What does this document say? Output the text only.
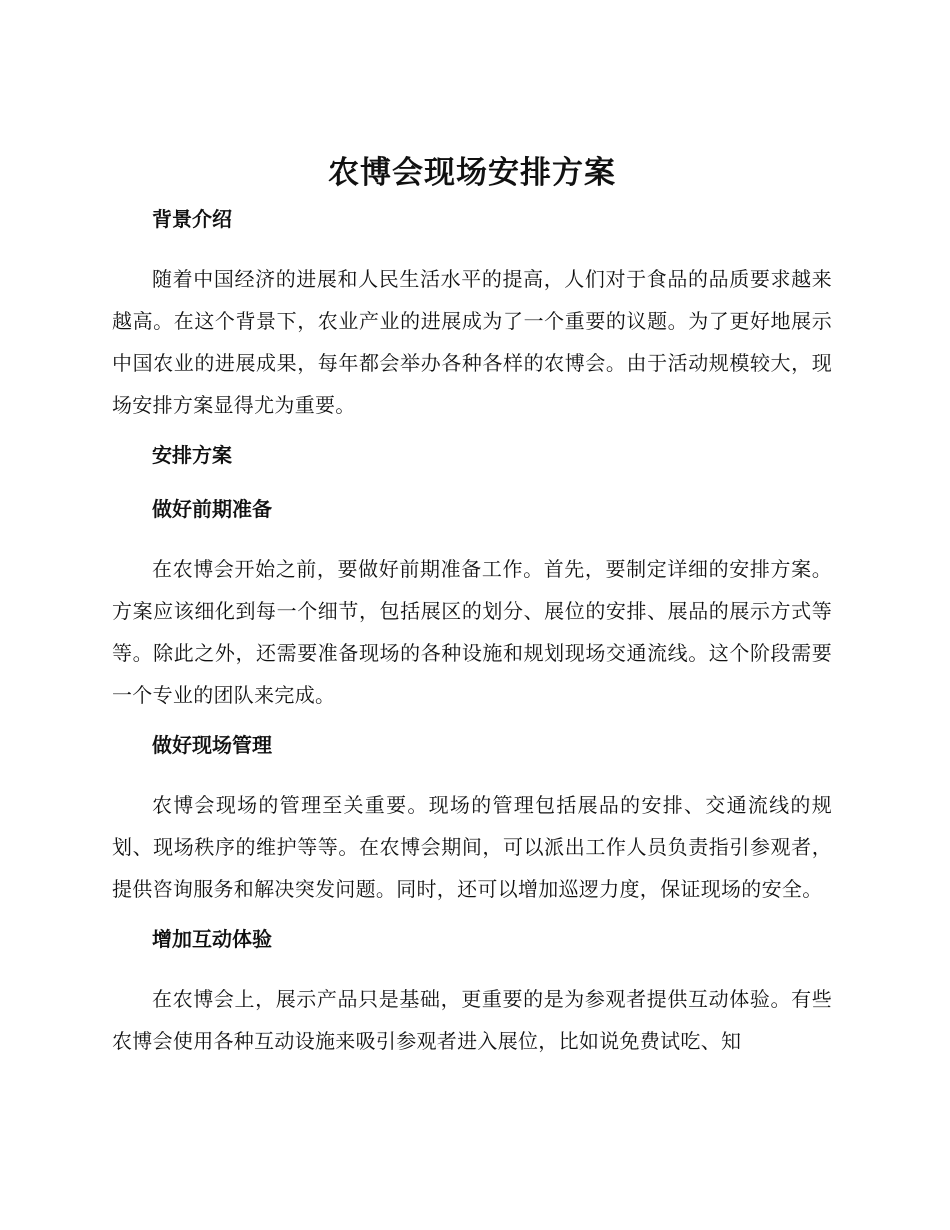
农博会现场安排方案
背景介绍

随着中国经济的进展和人民生活水平的提高，人们对于食品的品质要求越来越高。在这个背景下，农业产业的进展成为了一个重要的议题。为了更好地展示中国农业的进展成果，每年都会举办各种各样的农博会。由于活动规模较大，现场安排方案显得尤为重要。

安排方案
做好前期准备

在农博会开始之前，要做好前期准备工作。首先，要制定详细的安排方案。方案应该细化到每一个细节，包括展区的划分、展位的安排、展品的展示方式等等。除此之外，还需要准备现场的各种设施和规划现场交通流线。这个阶段需要一个专业的团队来完成。

做好现场管理

农博会现场的管理至关重要。现场的管理包括展品的安排、交通流线的规划、现场秩序的维护等等。在农博会期间，可以派出工作人员负责指引参观者，提供咨询服务和解决突发问题。同时，还可以增加巡逻力度，保证现场的安全。

增加互动体验

在农博会上，展示产品只是基础，更重要的是为参观者提供互动体验。有些农博会使用各种互动设施来吸引参观者进入展位，比如说免费试吃、知
